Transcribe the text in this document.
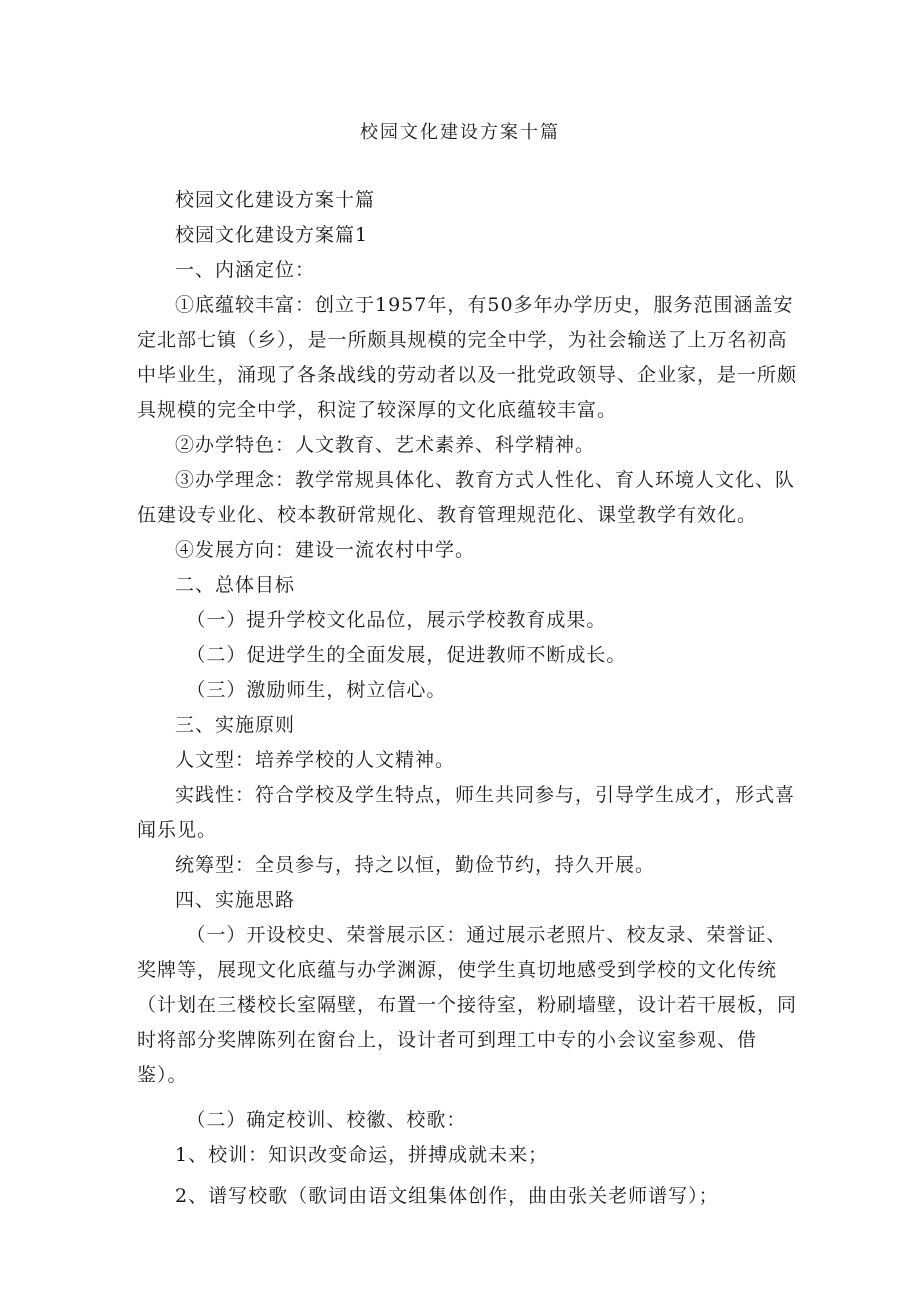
校园文化建设方案十篇

校园文化建设方案十篇

校园文化建设方案篇1

一、内涵定位：

①底蕴较丰富：创立于1957年，有50多年办学历史，服务范围涵盖安定北部七镇（乡），是一所颇具规模的完全中学，为社会输送了上万名初高中毕业生，涌现了各条战线的劳动者以及一批党政领导、企业家，是一所颇具规模的完全中学，积淀了较深厚的文化底蕴较丰富。

②办学特色：人文教育、艺术素养、科学精神。

③办学理念：教学常规具体化、教育方式人性化、育人环境人文化、队伍建设专业化、校本教研常规化、教育管理规范化、课堂教学有效化。

④发展方向：建设一流农村中学。

二、总体目标

（一）提升学校文化品位，展示学校教育成果。

（二）促进学生的全面发展，促进教师不断成长。

（三）激励师生，树立信心。

三、实施原则

人文型：培养学校的人文精神。

实践性：符合学校及学生特点，师生共同参与，引导学生成才，形式喜闻乐见。

统筹型：全员参与，持之以恒，勤俭节约，持久开展。

四、实施思路

（一）开设校史、荣誉展示区：通过展示老照片、校友录、荣誉证、奖牌等，展现文化底蕴与办学渊源，使学生真切地感受到学校的文化传统（计划在三楼校长室隔壁，布置一个接待室，粉刷墙壁，设计若干展板，同时将部分奖牌陈列在窗台上，设计者可到理工中专的小会议室参观、借鉴）。

（二）确定校训、校徽、校歌：

1、校训：知识改变命运，拼搏成就未来；

2、谱写校歌（歌词由语文组集体创作，曲由张关老师谱写）；
